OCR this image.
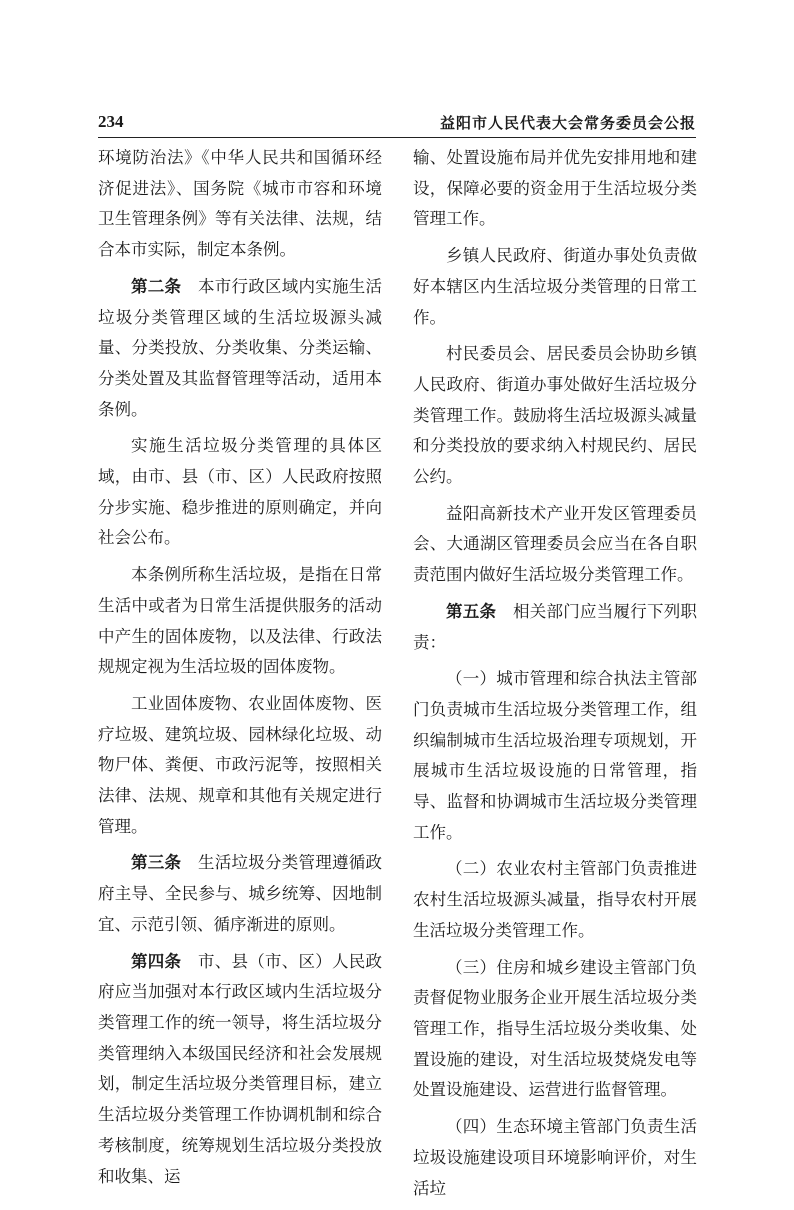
234	益阳市人民代表大会常务委员会公报

环境防治法》《中华人民共和国循环经济促进法》、国务院《城市市容和环境卫生管理条例》等有关法律、法规，结合本市实际，制定本条例。

第二条　 本市行政区域内实施生活垃圾分类管理区域的生活垃圾源头减量、分类投放、分类收集、分类运输、分类处置及其监督管理等活动，适用本条例。

实施生活垃圾分类管理的具体区域，由市、县（市、区）人民政府按照分步实施、稳步推进的原则确定，并向社会公布。

本条例所称生活垃圾，是指在日常生活中或者为日常生活提供服务的活动中产生的固体废物，以及法律、行政法规规定视为生活垃圾的固体废物。

工业固体废物、农业固体废物、医疗垃圾、建筑垃圾、园林绿化垃圾、动物尸体、粪便、市政污泥等，按照相关法律、法规、规章和其他有关规定进行管理。

第三条　 生活垃圾分类管理遵循政府主导、全民参与、城乡统筹、因地制宜、示范引领、循序渐进的原则。

第四条　 市、县（市、区）人民政府应当加强对本行政区域内生活垃圾分类管理工作的统一领导，将生活垃圾分类管理纳入本级国民经济和社会发展规划，制定生活垃圾分类管理目标，建立生活垃圾分类管理工作协调机制和综合考核制度，统筹规划生活垃圾分类投放和收集、运

输、处置设施布局并优先安排用地和建设，保障必要的资金用于生活垃圾分类管理工作。

乡镇人民政府、街道办事处负责做好本辖区内生活垃圾分类管理的日常工作。

村民委员会、居民委员会协助乡镇人民政府、街道办事处做好生活垃圾分类管理工作。鼓励将生活垃圾源头减量和分类投放的要求纳入村规民约、居民公约。

益阳高新技术产业开发区管理委员会、大通湖区管理委员会应当在各自职责范围内做好生活垃圾分类管理工作。

第五条　 相关部门应当履行下列职责：

（一）城市管理和综合执法主管部门负责城市生活垃圾分类管理工作，组织编制城市生活垃圾治理专项规划，开展城市生活垃圾设施的日常管理，指导、监督和协调城市生活垃圾分类管理工作。

（二）农业农村主管部门负责推进农村生活垃圾源头减量，指导农村开展生活垃圾分类管理工作。

（三）住房和城乡建设主管部门负责督促物业服务企业开展生活垃圾分类管理工作，指导生活垃圾分类收集、处置设施的建设，对生活垃圾焚烧发电等处置设施建设、运营进行监督管理。

（四）生态环境主管部门负责生活垃圾设施建设项目环境影响评价，对生活垃
